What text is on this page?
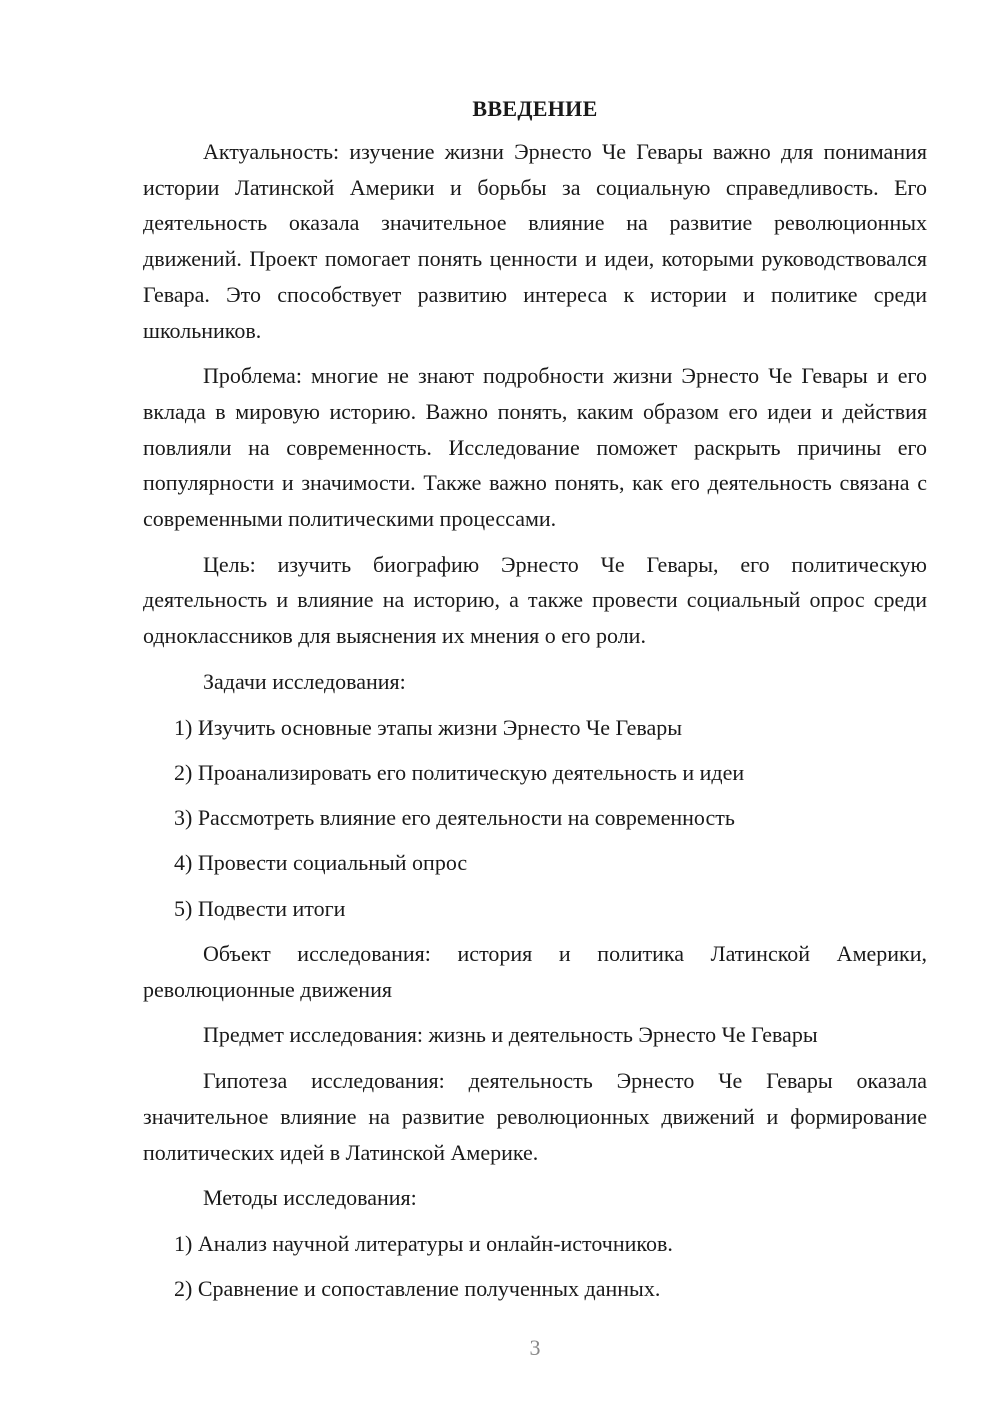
ВВЕДЕНИЕ

Актуальность: изучение жизни Эрнесто Че Гевары важно для понимания истории Латинской Америки и борьбы за социальную справедливость. Его деятельность оказала значительное влияние на развитие революционных движений. Проект помогает понять ценности и идеи, которыми руководствовался Гевара. Это способствует развитию интереса к истории и политике среди школьников.

Проблема: многие не знают подробности жизни Эрнесто Че Гевары и его вклада в мировую историю. Важно понять, каким образом его идеи и действия повлияли на современность. Исследование поможет раскрыть причины его популярности и значимости. Также важно понять, как его деятельность связана с современными политическими процессами.

Цель: изучить биографию Эрнесто Че Гевары, его политическую деятельность и влияние на историю, а также провести социальный опрос среди одноклассников для выяснения их мнения о его роли.

Задачи исследования:

1) Изучить основные этапы жизни Эрнесто Че Гевары
2) Проанализировать его политическую деятельность и идеи
3) Рассмотреть влияние его деятельности на современность
4) Провести социальный опрос
5) Подвести итоги

Объект исследования: история и политика Латинской Америки, революционные движения

Предмет исследования: жизнь и деятельность Эрнесто Че Гевары

Гипотеза исследования: деятельность Эрнесто Че Гевары оказала значительное влияние на развитие революционных движений и формирование политических идей в Латинской Америке.

Методы исследования:

1) Анализ научной литературы и онлайн-источников.
2) Сравнение и сопоставление полученных данных.
3
